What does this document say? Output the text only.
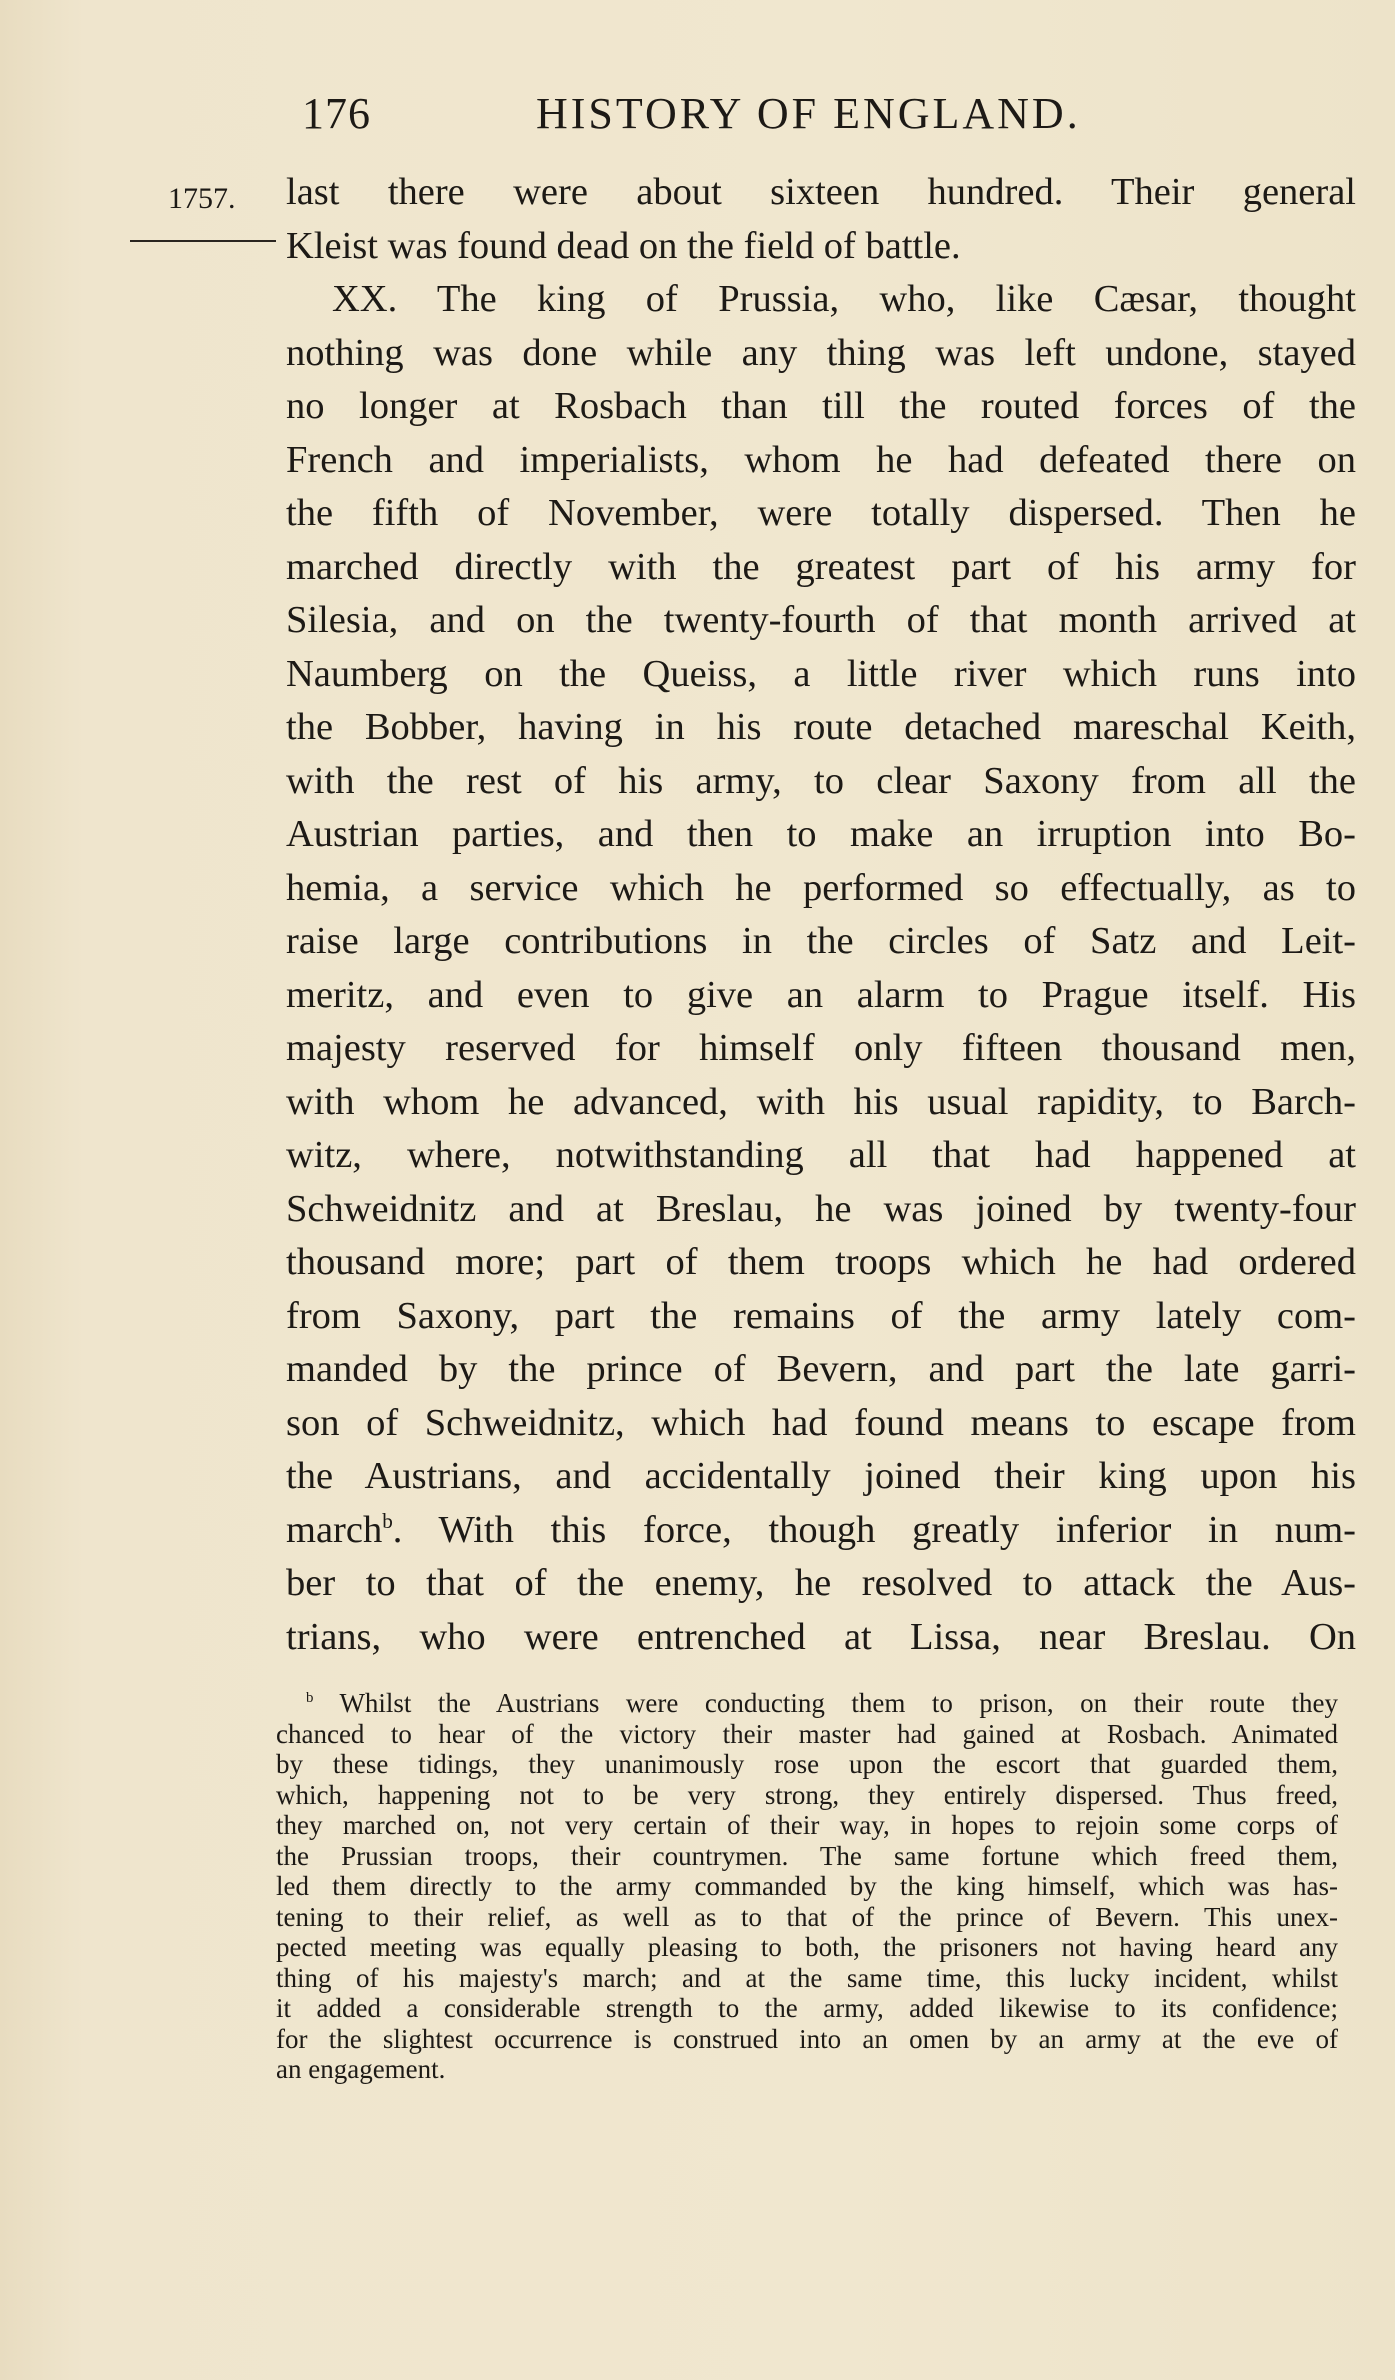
176	HISTORY OF ENGLAND.
1757. last there were about sixteen hundred. Their general
Kleist was found dead on the field of battle.
XX. The king of Prussia, who, like Cæsar, thought
nothing was done while any thing was left undone, stayed
no longer at Rosbach than till the routed forces of the
French and imperialists, whom he had defeated there on
the fifth of November, were totally dispersed. Then he
marched directly with the greatest part of his army for
Silesia, and on the twenty-fourth of that month arrived at
Naumberg on the Queiss, a little river which runs into
the Bobber, having in his route detached mareschal Keith,
with the rest of his army, to clear Saxony from all the
Austrian parties, and then to make an irruption into Bo-
hemia, a service which he performed so effectually, as to
raise large contributions in the circles of Satz and Leit-
meritz, and even to give an alarm to Prague itself. His
majesty reserved for himself only fifteen thousand men,
with whom he advanced, with his usual rapidity, to Barch-
witz, where, notwithstanding all that had happened at
Schweidnitz and at Breslau, he was joined by twenty-four
thousand more; part of them troops which he had ordered
from Saxony, part the remains of the army lately com-
manded by the prince of Bevern, and part the late garri-
son of Schweidnitz, which had found means to escape from
the Austrians, and accidentally joined their king upon his
march$^b$. With this force, though greatly inferior in num-
ber to that of the enemy, he resolved to attack the Aus-
trians, who were entrenched at Lissa, near Breslau. On
$^b$ Whilst the Austrians were conducting them to prison, on their route they
chanced to hear of the victory their master had gained at Rosbach. Animated
by these tidings, they unanimously rose upon the escort that guarded them,
which, happening not to be very strong, they entirely dispersed. Thus freed,
they marched on, not very certain of their way, in hopes to rejoin some corps of
the Prussian troops, their countrymen. The same fortune which freed them,
led them directly to the army commanded by the king himself, which was has-
tening to their relief, as well as to that of the prince of Bevern. This unex-
pected meeting was equally pleasing to both, the prisoners not having heard any
thing of his majesty's march; and at the same time, this lucky incident, whilst
it added a considerable strength to the army, added likewise to its confidence;
for the slightest occurrence is construed into an omen by an army at the eve of
an engagement.
